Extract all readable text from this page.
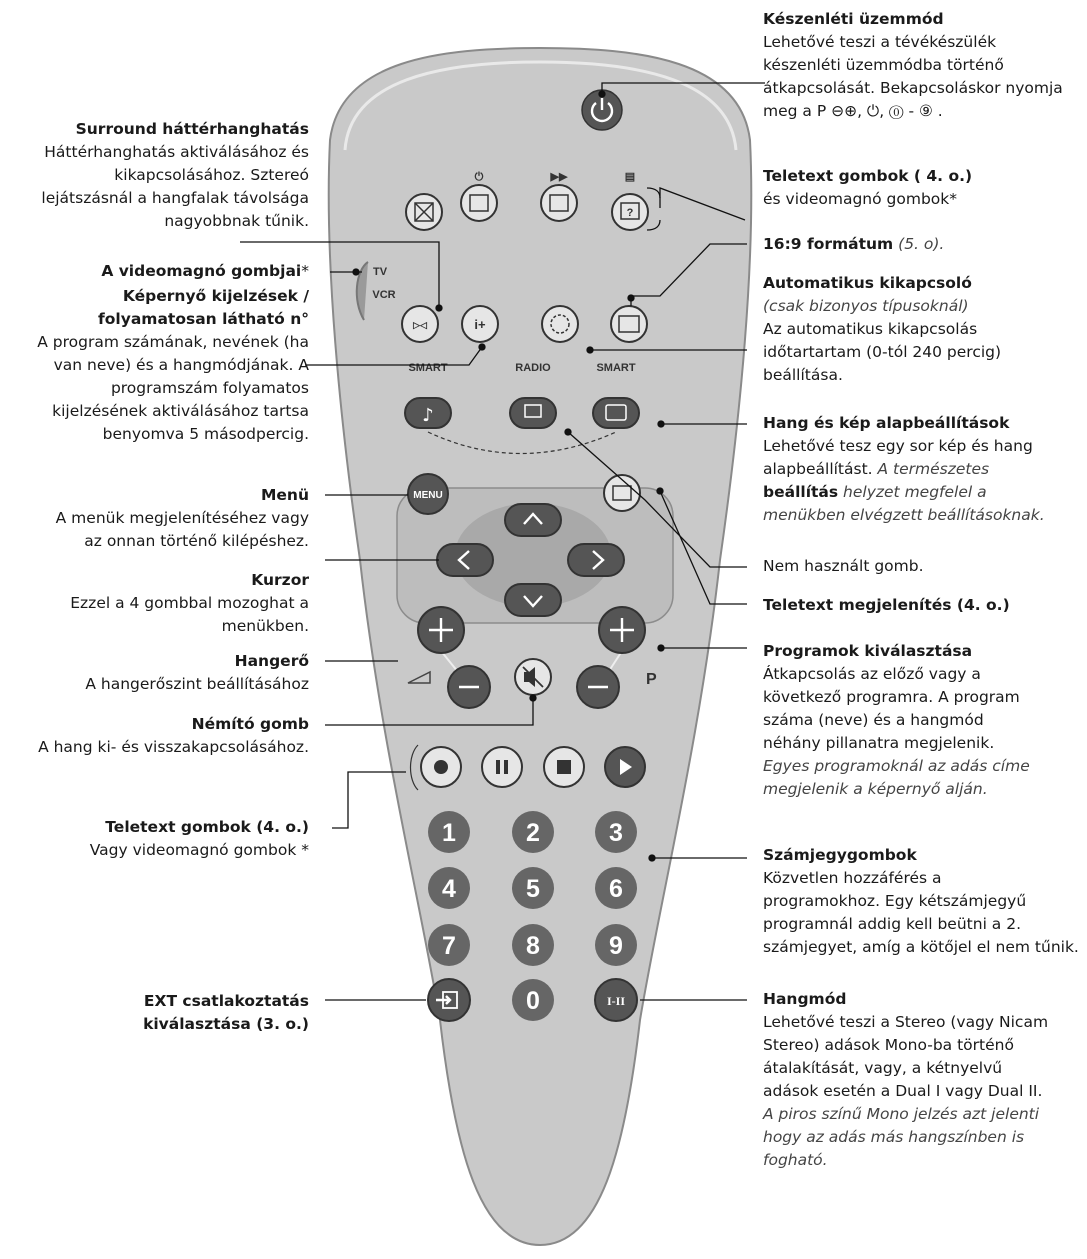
TV
VCR
⏻	▶▶
?
▤
▷◁	i+
SMART	RADIO	SMART
♪
MENU
P
1	2	3
4	5	6
7	8	9
0	I-II
Surround háttérhanghatás
Háttérhanghatás aktiválásához és
kikapcsolásához. Sztereó
lejátszásnál a hangfalak távolsága
nagyobbnak tűnik.
A videomagnó gombjai*
Képernyő kijelzések /
folyamatosan látható n°
A program számának, nevének (ha
van neve) és a hangmódjának. A
programszám folyamatos
kijelzésének aktiválásához tartsa
benyomva 5 másodpercig.
Menü
A menük megjelenítéséhez vagy
az onnan történő kilépéshez.
Kurzor
Ezzel a 4 gombbal mozoghat a
menükben.
Hangerő
A hangerőszint beállításához
Némító gomb
A hang ki- és visszakapcsolásához.
Teletext gombok (4. o.)
Vagy videomagnó gombok *
EXT csatlakoztatás
kiválasztása (3. o.)
Készenléti üzemmód
Lehetővé teszi a tévékészülék
készenléti üzemmódba történő
átkapcsolását. Bekapcsoláskor nyomja
meg a P ⊖⊕, ⏻, ⓪ - ⑨ .
Teletext gombok ( 4. o.)
és videomagnó gombok*
16:9 formátum (5. o).
Automatikus kikapcsoló
(csak bizonyos típusoknál)
Az automatikus kikapcsolás
időtartartam (0-tól 240 percig)
beállítása.
Hang és kép alapbeállítások
Lehetővé tesz egy sor kép és hang
alapbeállítást. A természetes
beállítás helyzet megfelel a
menükben elvégzett beállításoknak.
Nem használt gomb.
Teletext megjelenítés (4. o.)
Programok kiválasztása
Átkapcsolás az előző vagy a
következő programra. A program
száma (neve) és a hangmód
néhány pillanatra megjelenik.
Egyes programoknál az adás címe
megjelenik a képernyő alján.
Számjegygombok
Közvetlen hozzáférés a
programokhoz. Egy kétszámjegyű
programnál addig kell beütni a 2.
számjegyet, amíg a kötőjel el nem tűnik.
Hangmód
Lehetővé teszi a Stereo (vagy Nicam
Stereo) adások Mono-ba történő
átalakítását, vagy, a kétnyelvű
adások esetén a Dual I vagy Dual II.
A piros színű Mono jelzés azt jelenti
hogy az adás más hangszínben is
fogható.
